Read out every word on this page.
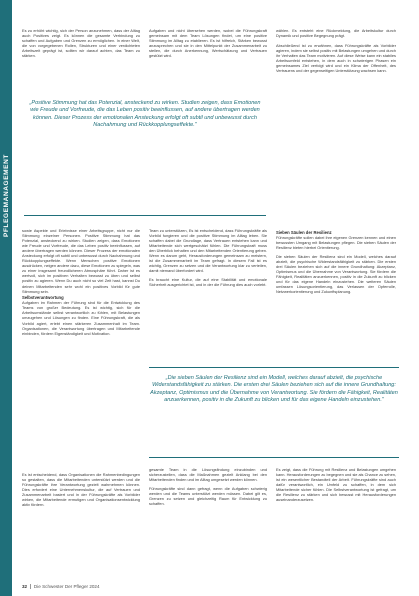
PFLEGEMANAGEMENT

Es zu erhöht wichtig, sich der Person anzunehmen, dass der Alltag auch Positives zeigt. Es können die gesamte Verbindung zu schaffen und Aufgaben und Grenzen zu ermöglichen. In einer Welt, die von vorgegebenen Rollen, Strukturen und einer verdichteten Arbeitszeit geprägt ist, sollten wir darauf achten, das Team zu stärken.

Aufgaben und nicht übersehen werden, wobei die Führungskraft gemeinsam mit dem Team Lösungen findet, um eine positive Stimmung im Alltag zu etablieren. Es ist hilfreich, Stärken bewusst anzusprechen und sie in den Mittelpunkt der Zusammenarbeit zu stellen, die durch Anerkennung, Wertschätzung und Vertrauen gestützt wird.

wählen. Es entsteht eine Rückmeldung, die Arbeitskultur durch Dynamik und positive Begegnung prägt.

Abschließend ist zu erwähnen, dass Führungskräfte als Vorbilder agieren, indem sie selbst positiv mit Belastungen umgehen und durch ihr Verhalten das Team motivieren. Auf diese Weise kann ein stabiles Arbeitsumfeld entstehen, in dem auch in schwierigen Phasen ein gemeinsames Ziel verfolgt wird und ein Klima der Offenheit, des Vertrauens und der gegenseitigen Unterstützung wachsen kann.

„Positive Stimmung hat das Potenzial, ansteckend zu wirken. Studien zeigen, dass Emotionen wie Freude und Vorfreude, die das Leben positiv beeinflussen, auf andere übertragen werden können. Dieser Prozess der emotionalen Ansteckung erfolgt oft subtil und unbewusst durch Nachahmung und Rückkopplungseffekte."

sowie Aspekte und Erlebnisse einer Arbeitsgruppe, nicht nur die Stimmung einzelner Personen. Positive Stimmung hat das Potenzial, ansteckend zu wirken. Studien zeigen, dass Emotionen wie Freude und Vorfreude, die das Leben positiv beeinflussen, auf andere übertragen werden können. Dieser Prozess der emotionalen Ansteckung erfolgt oft subtil und unbewusst durch Nachahmung und Rückkopplungseffekte. Wenn Menschen positive Emotionen ausdrücken, neigen andere dazu, diese Emotionen zu spiegeln, was zu einer insgesamt freundlicheren Atmosphäre führt. Daher ist es wertvoll, sich im positiven Verhalten bewusst zu üben und selbst positiv zu agieren. Wenn Du auch nicht so viel Zeit hast, kannst Du deinen Mitarbeitenden sehr wohl ein positives Vorbild für gute Stimmung sein.

Selbstverantwortung

Aufgaben im Rahmen der Führung sind für die Entwicklung des Teams von großer Bedeutung. Es ist wichtig, sich für die Arbeitsumstände selbst verantwortlich zu fühlen, mit Belastungen umzugehen und Lösungen zu finden. Eine Führungskraft, die als Vorbild agiert, erlebt einen stärkeren Zusammenhalt im Team. Organisationen, die Verantwortung übertragen und Mitarbeitende einbinden, fördern Eigenständigkeit und Motivation.

Team zu unterstützen, Es ist entscheidend, dass Führungskräfte als Vorbild fungieren und die positive Stimmung im Alltag leben. Sie schaffen dabei die Grundlage, dass Vertrauen entstehen kann und Mitarbeitende sich wertgeschätzt fühlen. Die Führungskraft muss den Überblick behalten und den Mitarbeitenden Orientierung geben. Wenn es darum geht, Herausforderungen gemeinsam zu meistern, ist die Zusammenarbeit im Team gefragt. In diesem Fall ist es wichtig, Grenzen zu setzen und die Verantwortung klar zu verteilen, damit niemand überfordert wird.

Es braucht eine Kultur, die auf eine Stabilität und emotionale Sicherheit ausgerichtet ist, und in der die Führung dies auch vorlebt.

Sieben Säulen der Resilienz

Führungskräfte sollen dabei ihre eigenen Grenzen kennen und einen bewussten Umgang mit Belastungen pflegen. Die sieben Säulen der Resilienz bieten hierbei Orientierung.

Die sieben Säulen der Resilienz sind ein Modell, welches darauf abzielt, die psychische Widerstandsfähigkeit zu stärken. Die ersten drei Säulen beziehen sich auf die innere Grundhaltung: Akzeptanz, Optimismus und die Übernahme von Verantwortung. Sie fördern die Fähigkeit, Realitäten anzuerkennen, positiv in die Zukunft zu blicken und für das eigene Handeln einzustehen. Die weiteren Säulen umfassen Lösungsorientierung, das Verlassen der Opferrolle, Netzwerkorientierung und Zukunftsplanung.

„Die sieben Säulen der Resilienz sind ein Modell, welches darauf abzielt, die psychische Widerstandsfähigkeit zu stärken. Die ersten drei Säulen beziehen sich auf die innere Grundhaltung: Akzeptanz, Optimismus und die Übernahme von Verantwortung. Sie fördern die Fähigkeit, Realitäten anzuerkennen, positiv in die Zukunft zu blicken und für das eigene Handeln einzustehen."

Es ist entscheidend, dass Organisationen die Rahmenbedingungen so gestalten, dass die Mitarbeitenden unterstützt werden und die Führungskräfte ihre Verantwortung gezielt wahrnehmen können. Dies erfordert eine Unternehmenskultur, die auf Vertrauen und Zusammenarbeit basiert und in der Führungskräfte als Vorbilder wirken, die Mitarbeitende ermutigen und Organisationsentwicklung aktiv fördern.

gesamte Team in die Lösungsfindung einzubinden und sicherzustellen, dass die Maßnahmen gezielt Anklang bei den Mitarbeitenden finden und im Alltag umgesetzt werden können.

Führungskräfte sind dann gefragt, wenn die Aufgaben schwierig werden und die Teams unterstützt werden müssen. Dabei gilt es, Grenzen zu setzen und gleichzeitig Raum für Entwicklung zu schaffen.

Es zeigt, dass die Führung mit Resilienz und Belastungen umgehen kann. Herausforderungen zu begegnen und sie als Chance zu sehen, ist ein wesentlicher Bestandteil der Arbeit. Führungskräfte sind auch dafür verantwortlich, ein Umfeld zu schaffen, in dem sich Mitarbeitende sicher fühlen. Die Selbstverantwortung ist gefragt, um die Resilienz zu stärken und sich bewusst mit Herausforderungen auseinanderzusetzen.

32 Die Schwester Der Pfleger 2024
